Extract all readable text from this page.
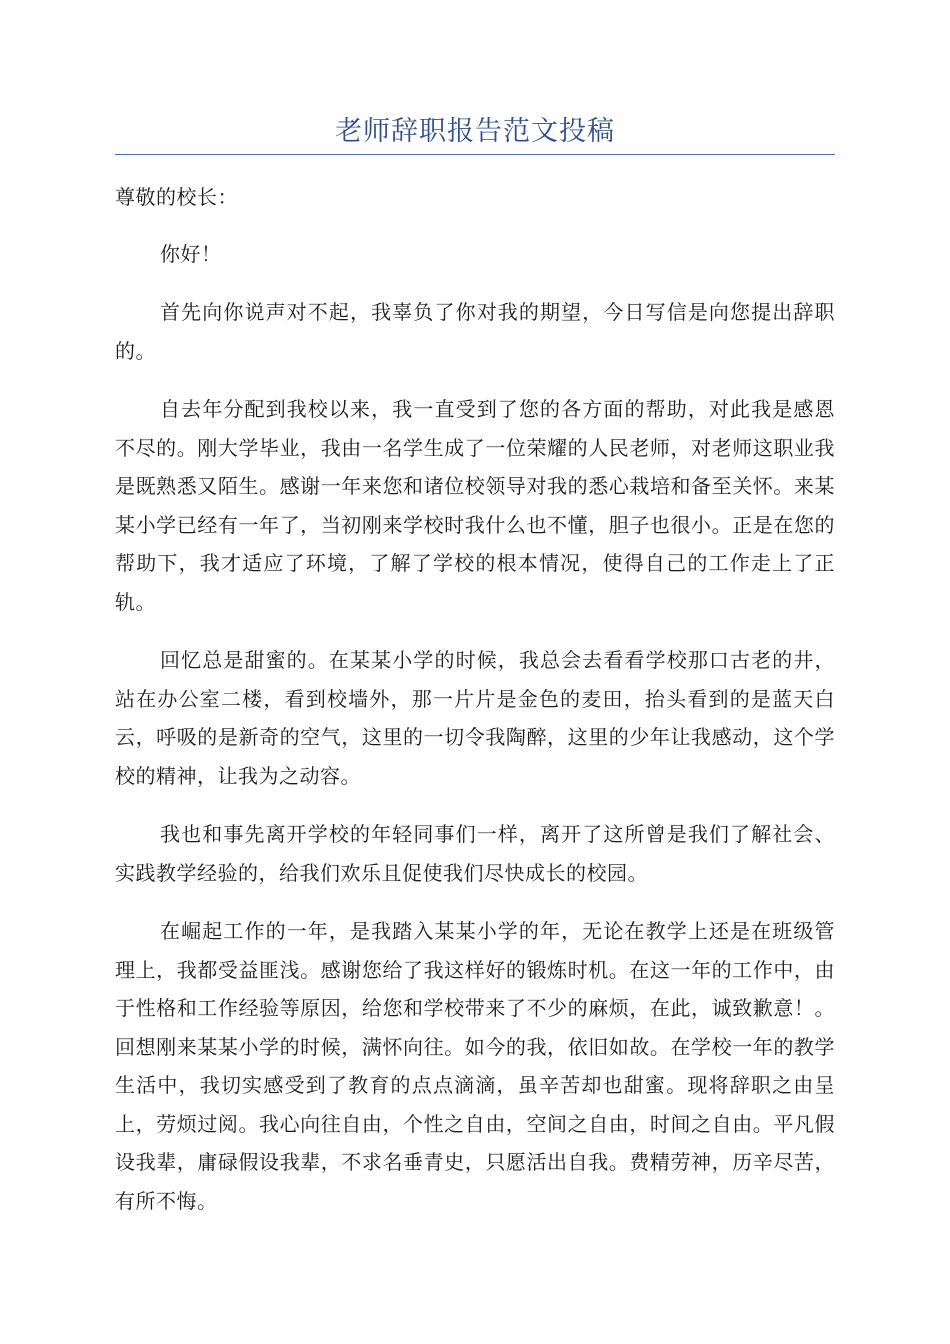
老师辞职报告范文投稿

尊敬的校长：

你好！

首先向你说声对不起，我辜负了你对我的期望，今日写信是向您提出辞职的。

自去年分配到我校以来，我一直受到了您的各方面的帮助，对此我是感恩不尽的。刚大学毕业，我由一名学生成了一位荣耀的人民老师，对老师这职业我是既熟悉又陌生。感谢一年来您和诸位校领导对我的悉心栽培和备至关怀。来某某小学已经有一年了，当初刚来学校时我什么也不懂，胆子也很小。正是在您的帮助下，我才适应了环境，了解了学校的根本情况，使得自己的工作走上了正轨。

回忆总是甜蜜的。在某某小学的时候，我总会去看看学校那口古老的井，站在办公室二楼，看到校墙外，那一片片是金色的麦田，抬头看到的是蓝天白云，呼吸的是新奇的空气，这里的一切令我陶醉，这里的少年让我感动，这个学校的精神，让我为之动容。

我也和事先离开学校的年轻同事们一样，离开了这所曾是我们了解社会、实践教学经验的，给我们欢乐且促使我们尽快成长的校园。

在崛起工作的一年，是我踏入某某小学的年，无论在教学上还是在班级管理上，我都受益匪浅。感谢您给了我这样好的锻炼时机。在这一年的工作中，由于性格和工作经验等原因，给您和学校带来了不少的麻烦，在此，诚致歉意！。回想刚来某某小学的时候，满怀向往。如今的我，依旧如故。在学校一年的教学生活中，我切实感受到了教育的点点滴滴，虽辛苦却也甜蜜。现将辞职之由呈上，劳烦过阅。我心向往自由，个性之自由，空间之自由，时间之自由。平凡假设我辈，庸碌假设我辈，不求名垂青史，只愿活出自我。费精劳神，历辛尽苦，有所不悔。
